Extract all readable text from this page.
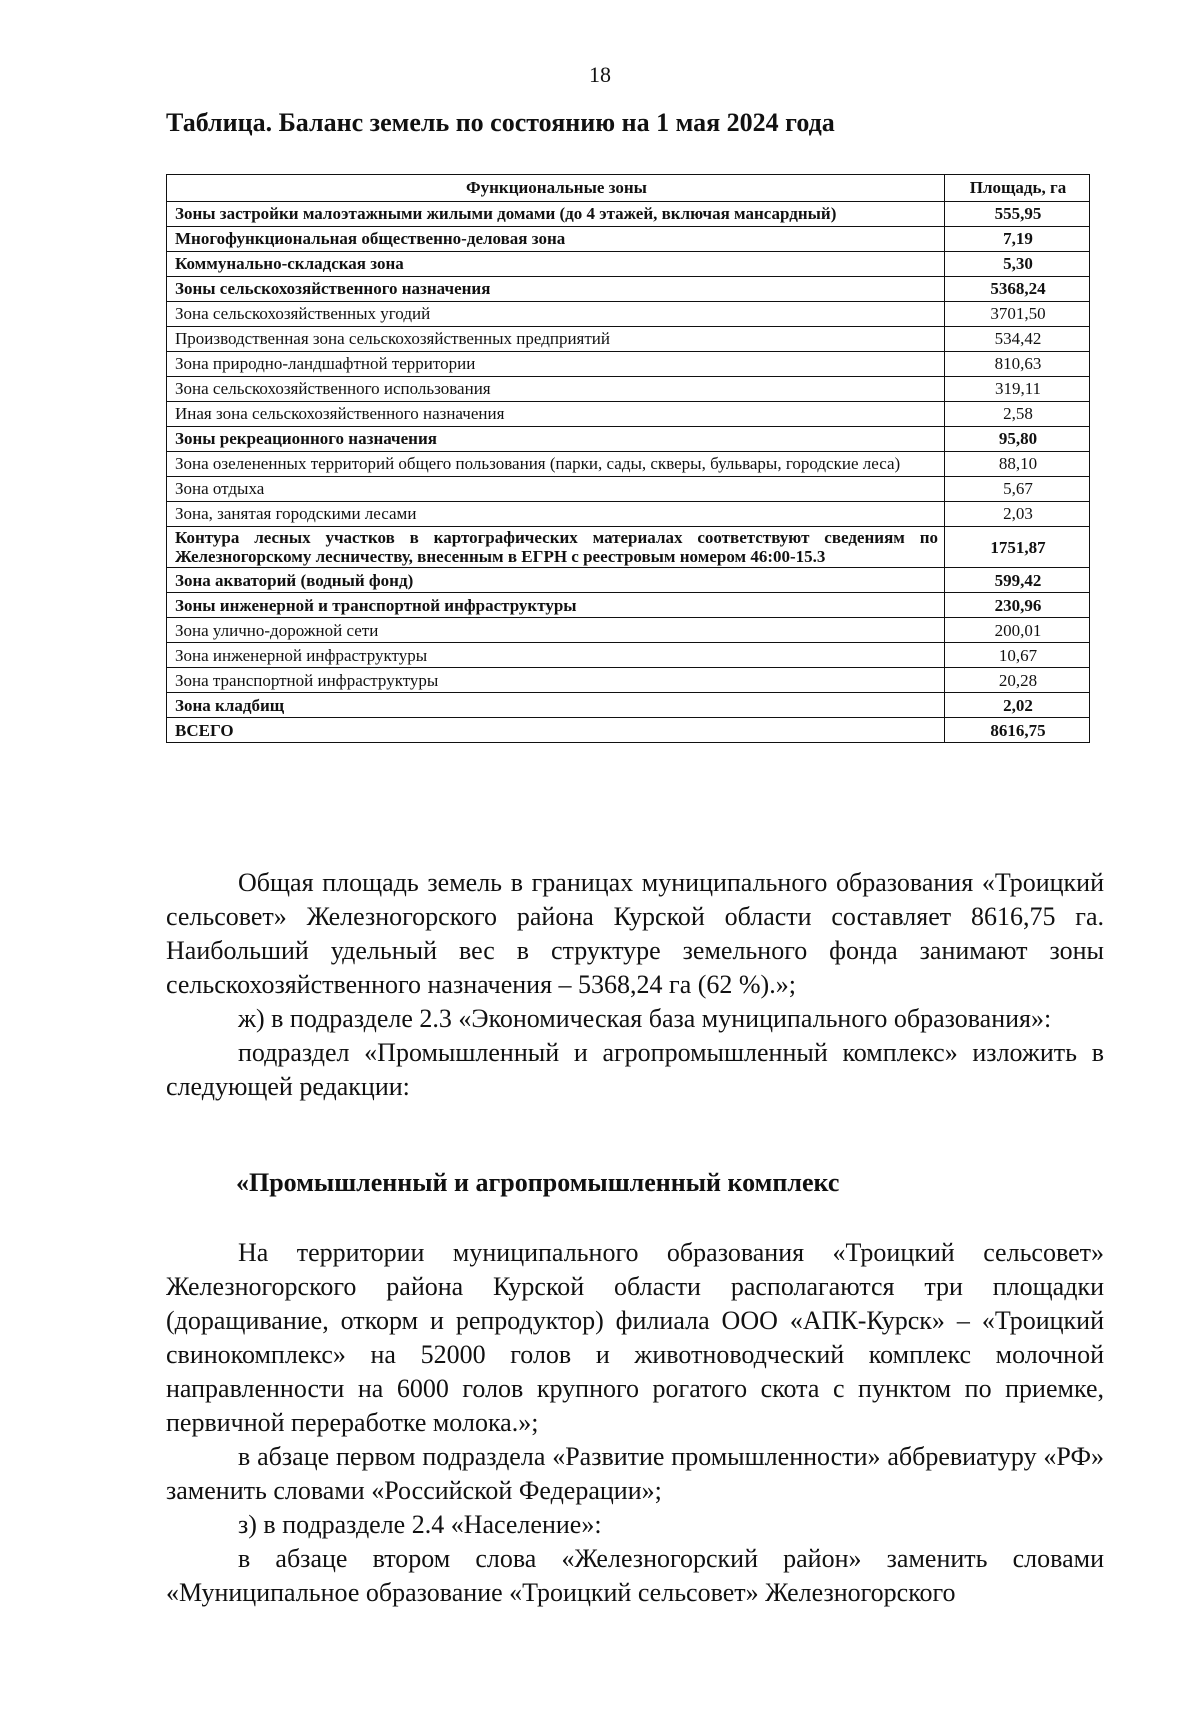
18
Таблица. Баланс земель по состоянию на 1 мая 2024 года
Функциональные зоны	Площадь, га
Зоны застройки малоэтажными жилыми домами (до 4 этажей, включая мансардный)	555,95
Многофункциональная общественно-деловая зона	7,19
Коммунально-складская зона	5,30
Зоны сельскохозяйственного назначения	5368,24
Зона сельскохозяйственных угодий	3701,50
Производственная зона сельскохозяйственных предприятий	534,42
Зона природно-ландшафтной территории	810,63
Зона сельскохозяйственного использования	319,11
Иная зона сельскохозяйственного назначения	2,58
Зоны рекреационного назначения	95,80
Зона озелененных территорий общего пользования (парки, сады, скверы, бульвары, городские леса)	88,10
Зона отдыха	5,67
Зона, занятая городскими лесами	2,03
Контура лесных участков в картографических материалах соответствуют сведениям по Железногорскому лесничеству, внесенным в ЕГРН с реестровым номером 46:00-15.3	1751,87
Зона акваторий (водный фонд)	599,42
Зоны инженерной и транспортной инфраструктуры	230,96
Зона улично-дорожной сети	200,01
Зона инженерной инфраструктуры	10,67
Зона транспортной инфраструктуры	20,28
Зона кладбищ	2,02
ВСЕГО	8616,75

Общая площадь земель в границах муниципального образования «Троицкий сельсовет» Железногорского района Курской области составляет 8616,75 га. Наибольший удельный вес в структуре земельного фонда занимают зоны сельскохозяйственного назначения – 5368,24 га (62 %).»;

ж) в подразделе 2.3 «Экономическая база муниципального образования»:

подраздел «Промышленный и агропромышленный комплекс» изложить в следующей редакции:

«Промышленный и агропромышленный комплекс

На территории муниципального образования «Троицкий сельсовет» Железногорского района Курской области располагаются три площадки (доращивание, откорм и репродуктор) филиала ООО «АПК-Курск» – «Троицкий свинокомплекс» на 52000 голов и животноводческий комплекс молочной направленности на 6000 голов крупного рогатого скота с пунктом по приемке, первичной переработке молока.»;

в абзаце первом подраздела «Развитие промышленности» аббревиатуру «РФ» заменить словами «Российской Федерации»;

з) в подразделе 2.4 «Население»:

в абзаце втором слова «Железногорский район» заменить словами «Муниципальное образование «Троицкий сельсовет» Железногорского
